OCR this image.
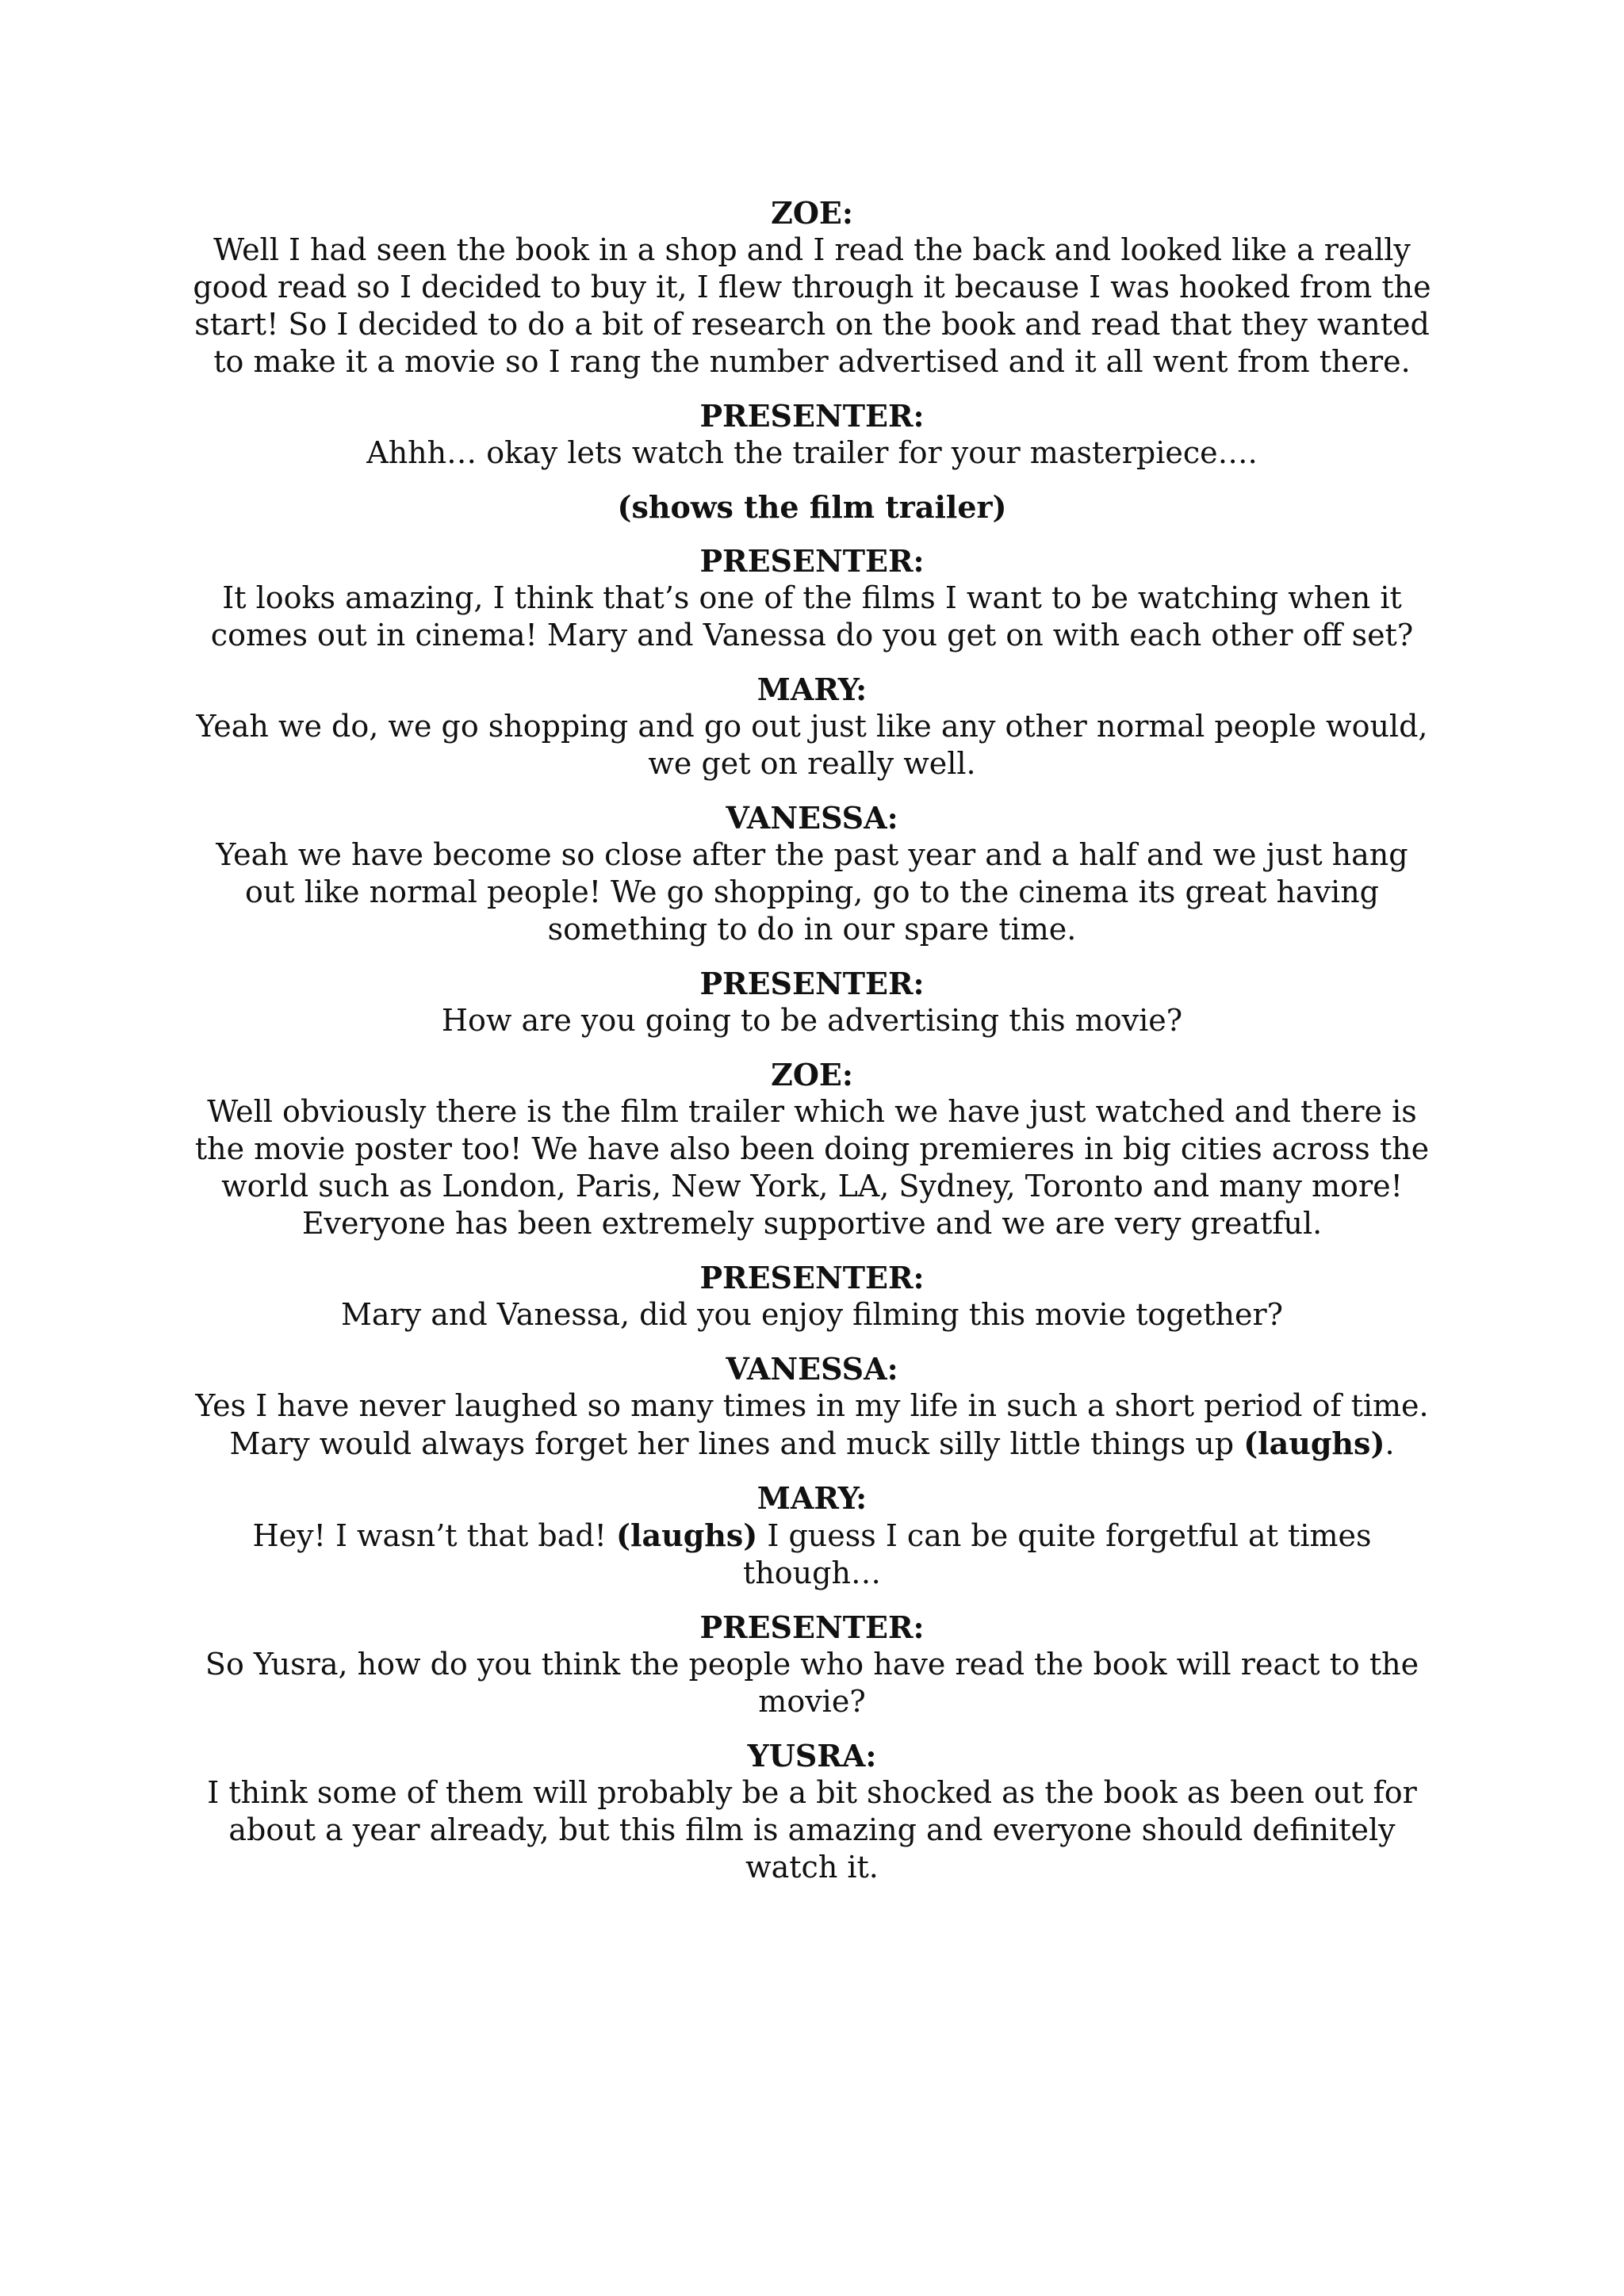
ZOE:
Well I had seen the book in a shop and I read the back and looked like a really good read so I decided to buy it, I flew through it because I was hooked from the start! So I decided to do a bit of research on the book and read that they wanted to make it a movie so I rang the number advertised and it all went from there.
PRESENTER:
Ahhh… okay lets watch the trailer for your masterpiece….
(shows the film trailer)
PRESENTER:
It looks amazing, I think that’s one of the films I want to be watching when it comes out in cinema! Mary and Vanessa do you get on with each other off set?
MARY:
Yeah we do, we go shopping and go out just like any other normal people would, we get on really well.
VANESSA:
Yeah we have become so close after the past year and a half and we just hang out like normal people! We go shopping, go to the cinema its great having something to do in our spare time.
PRESENTER:
How are you going to be advertising this movie?
ZOE:
Well obviously there is the film trailer which we have just watched and there is the movie poster too! We have also been doing premieres in big cities across the world such as London, Paris, New York, LA, Sydney, Toronto and many more! Everyone has been extremely supportive and we are very greatful.
PRESENTER:
Mary and Vanessa, did you enjoy filming this movie together?
VANESSA:
Yes I have never laughed so many times in my life in such a short period of time. Mary would always forget her lines and muck silly little things up (laughs).
MARY:
Hey! I wasn’t that bad! (laughs) I guess I can be quite forgetful at times though…
PRESENTER:
So Yusra, how do you think the people who have read the book will react to the movie?
YUSRA:
I think some of them will probably be a bit shocked as the book as been out for about a year already, but this film is amazing and everyone should definitely watch it.
